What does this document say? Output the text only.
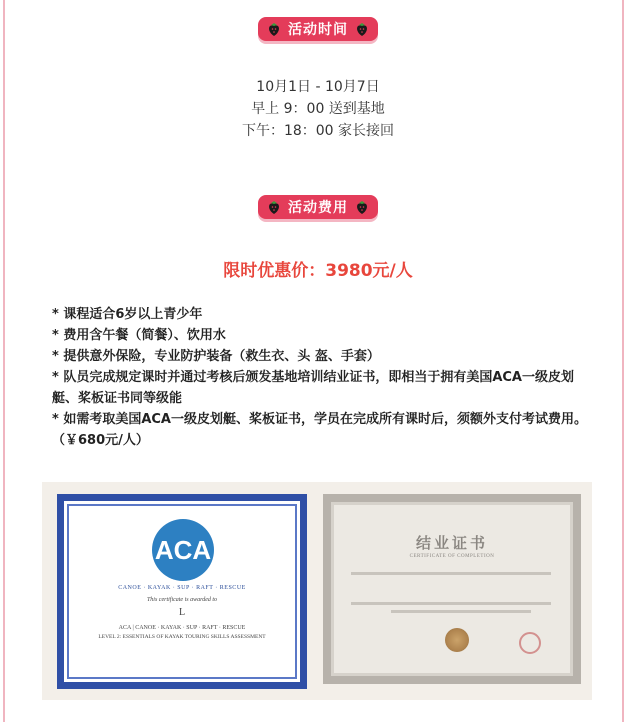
活动时间
10月1日 - 10月7日
早上 9：00 送到基地
下午：18：00 家长接回
活动费用
限时优惠价：3980元/人

* 课程适合6岁以上青少年

* 费用含午餐（简餐）、饮用水

* 提供意外保险，专业防护装备（救生衣、头 盔、手套）

* 队员完成规定课时并通过考核后颁发基地培训结业证书，即相当于拥有美国ACA一级皮划艇、桨板证书同等级能

* 如需考取美国ACA一级皮划艇、桨板证书，学员在完成所有课时后，须额外支付考试费用。（￥680元/人）

ACA
CANOE · KAYAK · SUP · RAFT · RESCUE
This certificate is awarded to
L
ACA | CANOE · KAYAK · SUP · RAFT · RESCUE
LEVEL 2: ESSENTIALS OF KAYAK TOURING SKILLS ASSESSMENT
结业证书
CERTIFICATE OF COMPLETION
